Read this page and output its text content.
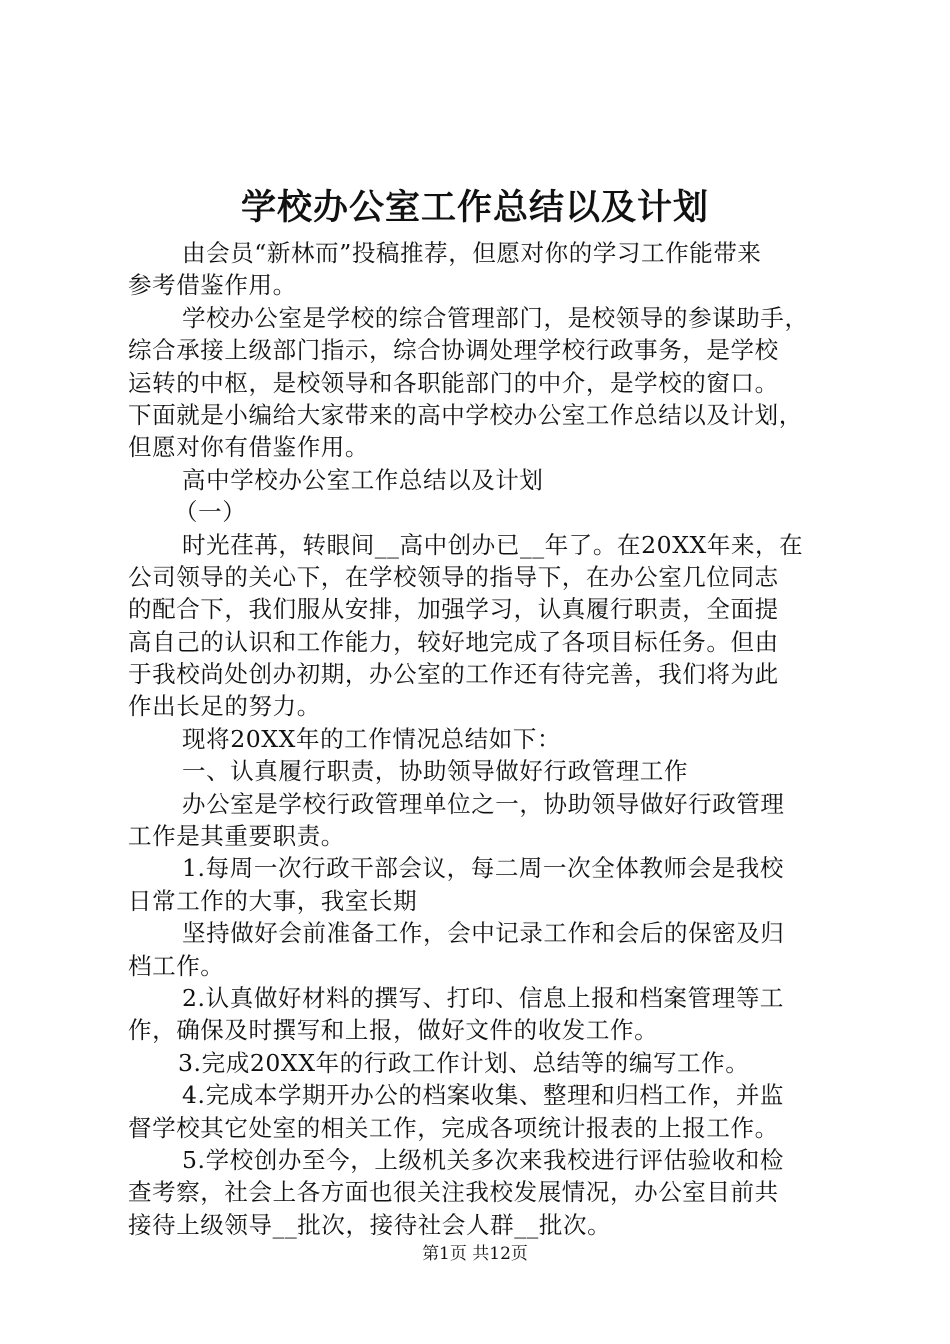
学校办公室工作总结以及计划
由会员“新林而”投稿推荐，但愿对你的学习工作能带来
参考借鉴作用。
学校办公室是学校的综合管理部门，是校领导的参谋助手，
综合承接上级部门指示，综合协调处理学校行政事务，是学校
运转的中枢，是校领导和各职能部门的中介，是学校的窗口。
下面就是小编给大家带来的高中学校办公室工作总结以及计划，
但愿对你有借鉴作用。
高中学校办公室工作总结以及计划
（一）
时光荏苒，转眼间__高中创办已__年了。在20XX年来，在
公司领导的关心下，在学校领导的指导下，在办公室几位同志
的配合下，我们服从安排，加强学习，认真履行职责，全面提
高自己的认识和工作能力，较好地完成了各项目标任务。但由
于我校尚处创办初期，办公室的工作还有待完善，我们将为此
作出长足的努力。
现将20XX年的工作情况总结如下：
一、认真履行职责，协助领导做好行政管理工作
办公室是学校行政管理单位之一，协助领导做好行政管理
工作是其重要职责。
1.每周一次行政干部会议，每二周一次全体教师会是我校
日常工作的大事，我室长期
坚持做好会前准备工作，会中记录工作和会后的保密及归
档工作。
2.认真做好材料的撰写、打印、信息上报和档案管理等工
作，确保及时撰写和上报，做好文件的收发工作。
3.完成20XX年的行政工作计划、总结等的编写工作。
4.完成本学期开办公的档案收集、整理和归档工作，并监
督学校其它处室的相关工作，完成各项统计报表的上报工作。
5.学校创办至今，上级机关多次来我校进行评估验收和检
查考察，社会上各方面也很关注我校发展情况，办公室目前共
接待上级领导__批次，接待社会人群__批次。
第1页 共12页
